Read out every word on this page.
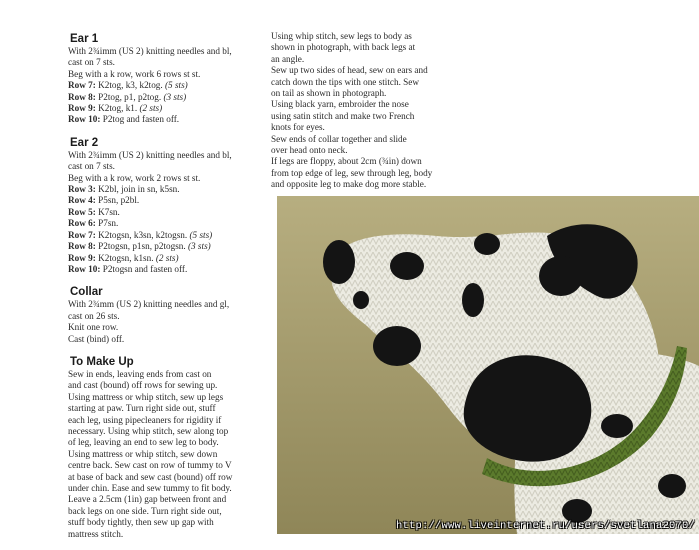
Ear 1

With 2¾imm (US 2) knitting needles and bl,
cast on 7 sts.
Beg with a k row, work 6 rows st st.

Row 7: K2tog, k3, k2tog. (5 sts)

Row 8: P2tog, p1, p2tog. (3 sts)

Row 9: K2tog, k1. (2 sts)

Row 10: P2tog and fasten off.

Ear 2

With 2¾imm (US 2) knitting needles and bl,
cast on 7 sts.
Beg with a k row, work 2 rows st st.

Row 3: K2bl, join in sn, k5sn.

Row 4: P5sn, p2bl.

Row 5: K7sn.

Row 6: P7sn.

Row 7: K2togsn, k3sn, k2togsn. (5 sts)

Row 8: P2togsn, p1sn, p2togsn. (3 sts)

Row 9: K2togsn, k1sn. (2 sts)

Row 10: P2togsn and fasten off.

Collar

With 2¾mm (US 2) knitting needles and gl,
cast on 26 sts.
Knit one row.
Cast (bind) off.

To Make Up

Sew in ends, leaving ends from cast on
and cast (bound) off rows for sewing up.
Using mattress or whip stitch, sew up legs
starting at paw. Turn right side out, stuff
each leg, using pipecleaners for rigidity if
necessary. Using whip stitch, sew along top
of leg, leaving an end to sew leg to body.
Using mattress or whip stitch, sew down
centre back. Sew cast on row of tummy to V
at base of back and sew cast (bound) off row
under chin. Ease and sew tummy to fit body.
Leave a 2.5cm (1in) gap between front and
back legs on one side. Turn right side out,
stuff body tightly, then sew up gap with
mattress stitch.

Using whip stitch, sew legs to body as
shown in photograph, with back legs at
an angle.
Sew up two sides of head, sew on ears and
catch down the tips with one stitch. Sew
on tail as shown in photograph.
Using black yarn, embroider the nose
using satin stitch and make two French
knots for eyes.
Sew ends of collar together and slide
over head onto neck.
If legs are floppy, about 2cm (¾in) down
from top edge of leg, sew through leg, body
and opposite leg to make dog more stable.

http://www.liveinternet.ru/users/svetlana2070/
